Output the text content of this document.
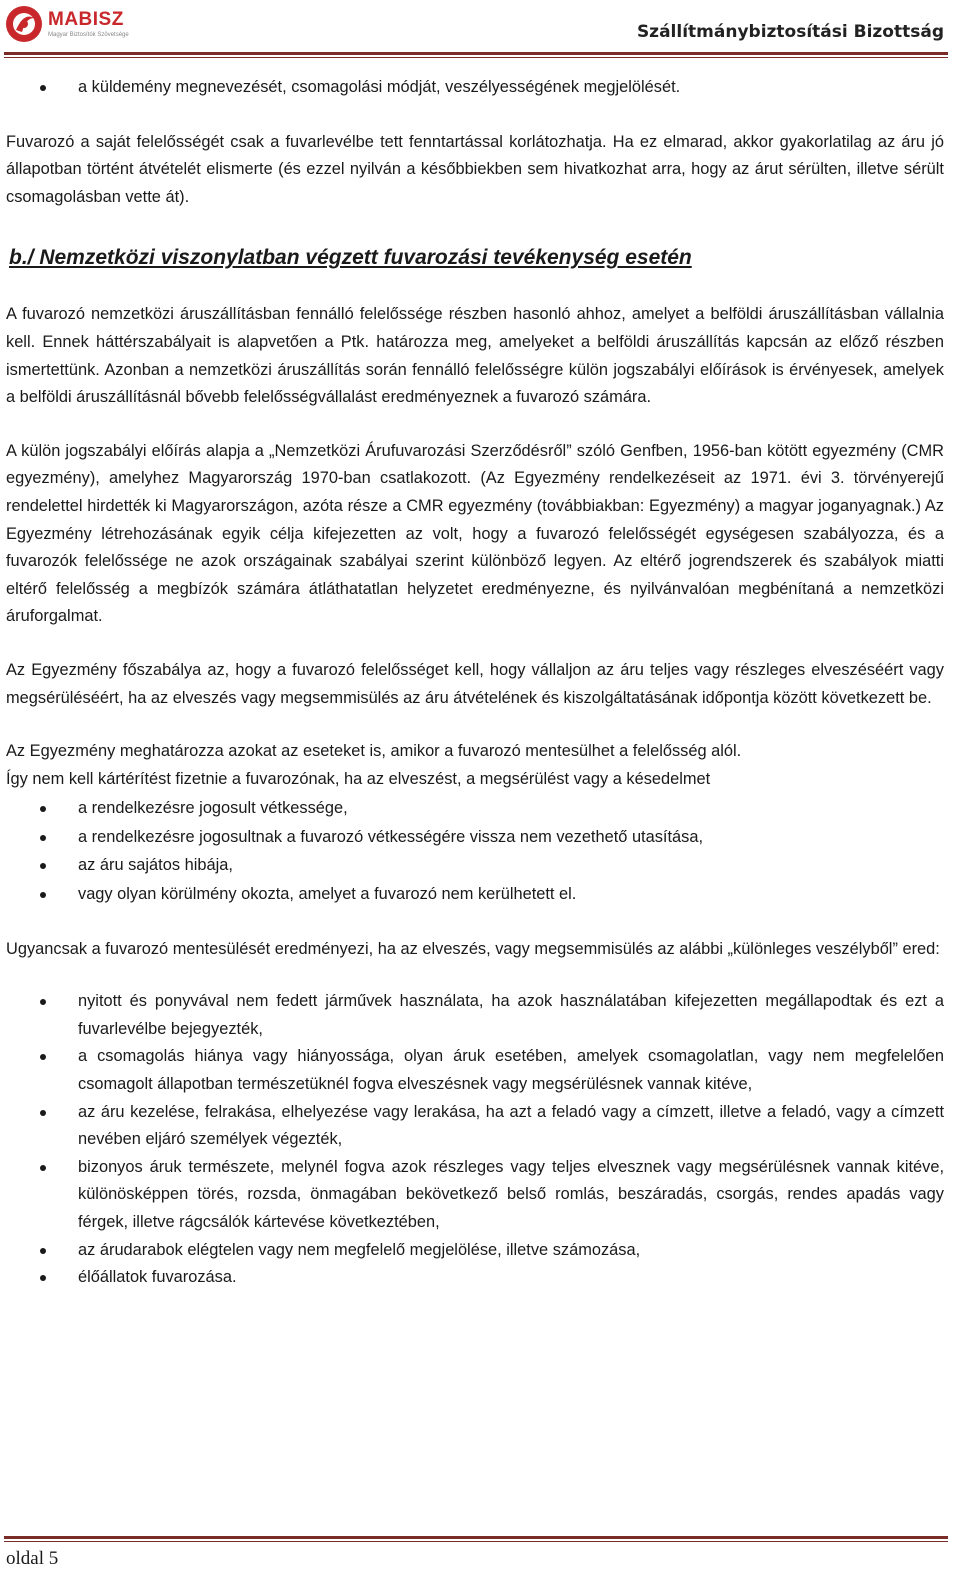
MABISZ
Magyar Biztosítók Szövetsége	Szállítmánybiztosítási Bizottság
a küldemény megnevezését, csomagolási módját, veszélyességének megjelölését.

Fuvarozó a saját felelősségét csak a fuvarlevélbe tett fenntartással korlátozhatja. Ha ez elmarad, akkor gyakorlatilag az áru jó állapotban történt átvételét elismerte (és ezzel nyilván a későbbiekben sem hivatkozhat arra, hogy az árut sérülten, illetve sérült csomagolásban vette át).

b./ Nemzetközi viszonylatban végzett fuvarozási tevékenység esetén

A fuvarozó nemzetközi áruszállításban fennálló felelőssége részben hasonló ahhoz, amelyet a belföldi áruszállításban vállalnia kell. Ennek háttérszabályait is alapvetően a Ptk. határozza meg, amelyeket a belföldi áruszállítás kapcsán az előző részben ismertettünk. Azonban a nemzetközi áruszállítás során fennálló felelősségre külön jogszabályi előírások is érvényesek, amelyek a belföldi áruszállításnál bővebb felelősségvállalást eredményeznek a fuvarozó számára.

A külön jogszabályi előírás alapja a „Nemzetközi Árufuvarozási Szerződésről” szóló Genfben, 1956-ban kötött egyezmény (CMR egyezmény), amelyhez Magyarország 1970-ban csatlakozott. (Az Egyezmény rendelkezéseit az 1971. évi 3. törvényerejű rendelettel hirdették ki Magyarországon, azóta része a CMR egyezmény (továbbiakban: Egyezmény) a magyar joganyagnak.) Az Egyezmény létrehozásának egyik célja kifejezetten az volt, hogy a fuvarozó felelősségét egységesen szabályozza, és a fuvarozók felelőssége ne azok országainak szabályai szerint különböző legyen. Az eltérő jogrendszerek és szabályok miatti eltérő felelősség a megbízók számára átláthatatlan helyzetet eredményezne, és nyilvánvalóan megbénítaná a nemzetközi áruforgalmat.

Az Egyezmény főszabálya az, hogy a fuvarozó felelősséget kell, hogy vállaljon az áru teljes vagy részleges elveszéséért vagy megsérüléséért, ha az elveszés vagy megsemmisülés az áru átvételének és kiszolgáltatásának időpontja között következett be.

Az Egyezmény meghatározza azokat az eseteket is, amikor a fuvarozó mentesülhet a felelősség alól.

Így nem kell kártérítést fizetnie a fuvarozónak, ha az elveszést, a megsérülést vagy a késedelmet

a rendelkezésre jogosult vétkessége,
a rendelkezésre jogosultnak a fuvarozó vétkességére vissza nem vezethető utasítása,
az áru sajátos hibája,
vagy olyan körülmény okozta, amelyet a fuvarozó nem kerülhetett el.

Ugyancsak a fuvarozó mentesülését eredményezi, ha az elveszés, vagy megsemmisülés az alábbi „különleges veszélyből” ered:

nyitott és ponyvával nem fedett járművek használata, ha azok használatában kifejezetten megállapodtak és ezt a fuvarlevélbe bejegyezték,
a csomagolás hiánya vagy hiányossága, olyan áruk esetében, amelyek csomagolatlan, vagy nem megfelelően csomagolt állapotban természetüknél fogva elveszésnek vagy megsérülésnek vannak kitéve,
az áru kezelése, felrakása, elhelyezése vagy lerakása, ha azt a feladó vagy a címzett, illetve a feladó, vagy a címzett nevében eljáró személyek végezték,
bizonyos áruk természete, melynél fogva azok részleges vagy teljes elvesznek vagy megsérülésnek vannak kitéve, különösképpen törés, rozsda, önmagában bekövetkező belső romlás, beszáradás, csorgás, rendes apadás vagy férgek, illetve rágcsálók kártevése következtében,
az árudarabok elégtelen vagy nem megfelelő megjelölése, illetve számozása,
élőállatok fuvarozása.
oldal 5
